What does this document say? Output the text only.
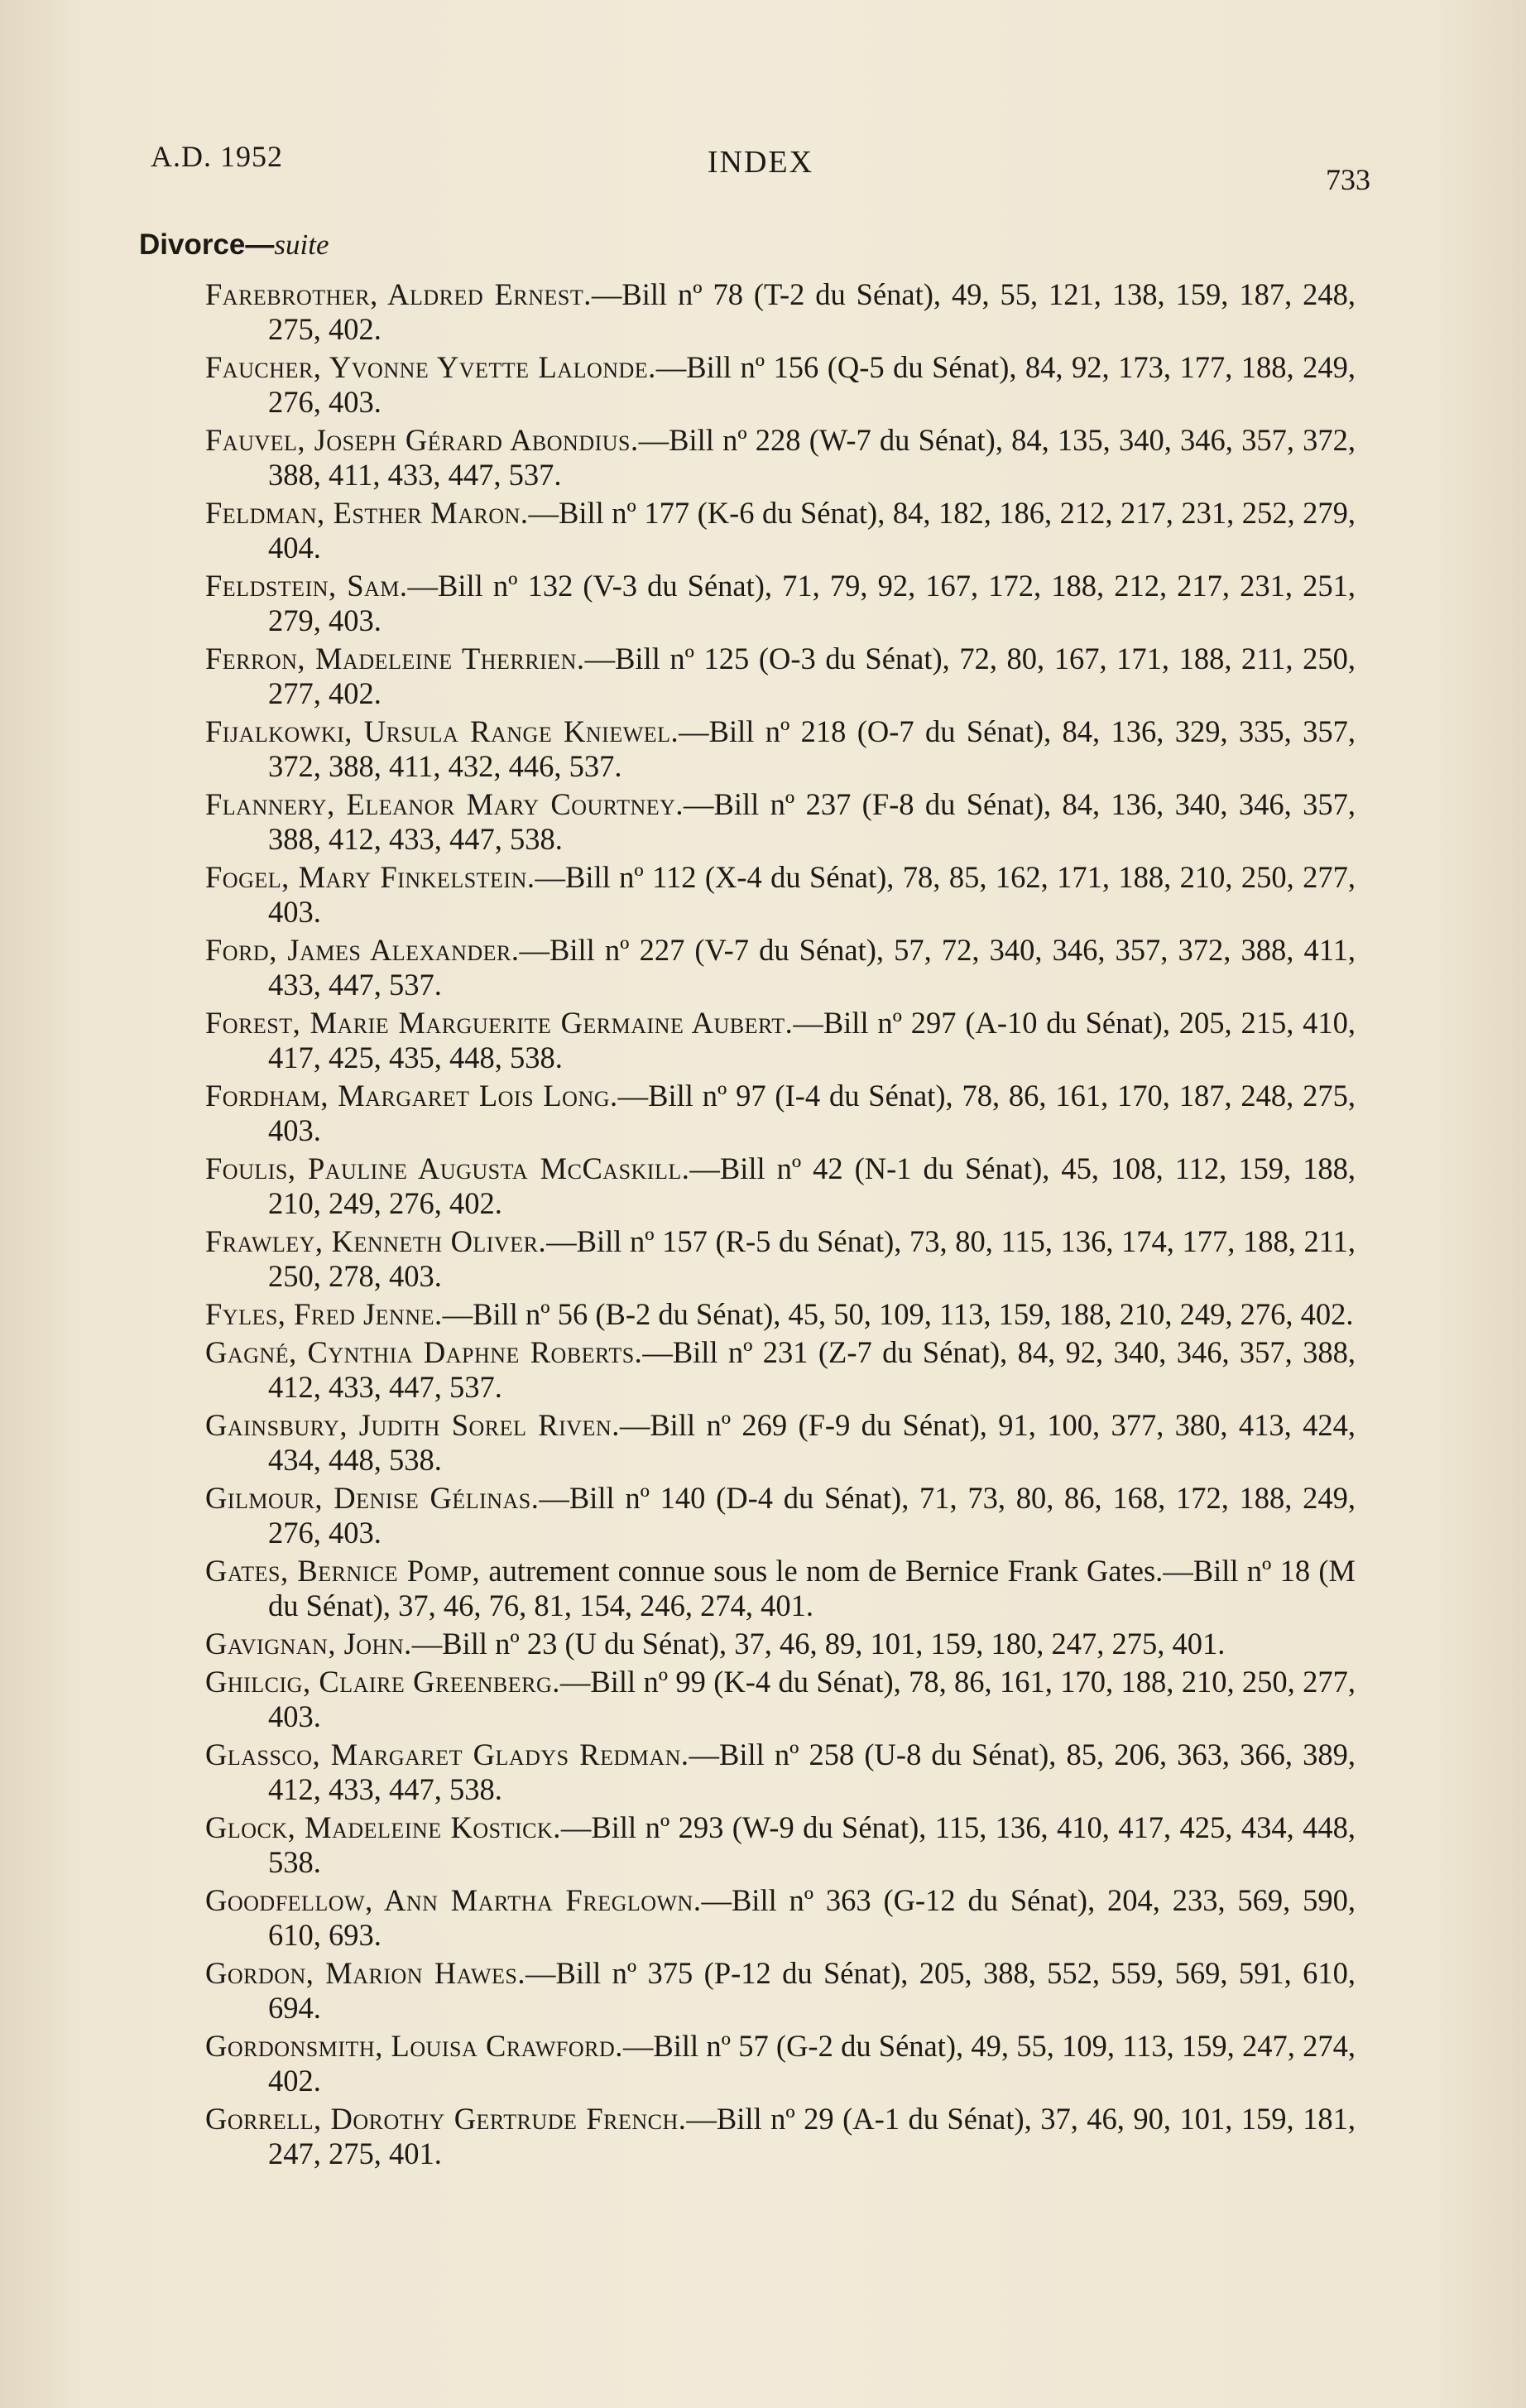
A.D. 1952	INDEX	733
Divorce—suite
Farebrother, Aldred Ernest.—Bill nº 78 (T-2 du Sénat), 49, 55, 121, 138, 159, 187, 248, 275, 402.
Faucher, Yvonne Yvette Lalonde.—Bill nº 156 (Q-5 du Sénat), 84, 92, 173, 177, 188, 249, 276, 403.
Fauvel, Joseph Gérard Abondius.—Bill nº 228 (W-7 du Sénat), 84, 135, 340, 346, 357, 372, 388, 411, 433, 447, 537.
Feldman, Esther Maron.—Bill nº 177 (K-6 du Sénat), 84, 182, 186, 212, 217, 231, 252, 279, 404.
Feldstein, Sam.—Bill nº 132 (V-3 du Sénat), 71, 79, 92, 167, 172, 188, 212, 217, 231, 251, 279, 403.
Ferron, Madeleine Therrien.—Bill nº 125 (O-3 du Sénat), 72, 80, 167, 171, 188, 211, 250, 277, 402.
Fijalkowki, Ursula Range Kniewel.—Bill nº 218 (O-7 du Sénat), 84, 136, 329, 335, 357, 372, 388, 411, 432, 446, 537.
Flannery, Eleanor Mary Courtney.—Bill nº 237 (F-8 du Sénat), 84, 136, 340, 346, 357, 388, 412, 433, 447, 538.
Fogel, Mary Finkelstein.—Bill nº 112 (X-4 du Sénat), 78, 85, 162, 171, 188, 210, 250, 277, 403.
Ford, James Alexander.—Bill nº 227 (V-7 du Sénat), 57, 72, 340, 346, 357, 372, 388, 411, 433, 447, 537.
Forest, Marie Marguerite Germaine Aubert.—Bill nº 297 (A-10 du Sénat), 205, 215, 410, 417, 425, 435, 448, 538.
Fordham, Margaret Lois Long.—Bill nº 97 (I-4 du Sénat), 78, 86, 161, 170, 187, 248, 275, 403.
Foulis, Pauline Augusta McCaskill.—Bill nº 42 (N-1 du Sénat), 45, 108, 112, 159, 188, 210, 249, 276, 402.
Frawley, Kenneth Oliver.—Bill nº 157 (R-5 du Sénat), 73, 80, 115, 136, 174, 177, 188, 211, 250, 278, 403.
Fyles, Fred Jenne.—Bill nº 56 (B-2 du Sénat), 45, 50, 109, 113, 159, 188, 210, 249, 276, 402.
Gagné, Cynthia Daphne Roberts.—Bill nº 231 (Z-7 du Sénat), 84, 92, 340, 346, 357, 388, 412, 433, 447, 537.
Gainsbury, Judith Sorel Riven.—Bill nº 269 (F-9 du Sénat), 91, 100, 377, 380, 413, 424, 434, 448, 538.
Gilmour, Denise Gélinas.—Bill nº 140 (D-4 du Sénat), 71, 73, 80, 86, 168, 172, 188, 249, 276, 403.
Gates, Bernice Pomp, autrement connue sous le nom de Bernice Frank Gates.—Bill nº 18 (M du Sénat), 37, 46, 76, 81, 154, 246, 274, 401.
Gavignan, John.—Bill nº 23 (U du Sénat), 37, 46, 89, 101, 159, 180, 247, 275, 401.
Ghilcig, Claire Greenberg.—Bill nº 99 (K-4 du Sénat), 78, 86, 161, 170, 188, 210, 250, 277, 403.
Glassco, Margaret Gladys Redman.—Bill nº 258 (U-8 du Sénat), 85, 206, 363, 366, 389, 412, 433, 447, 538.
Glock, Madeleine Kostick.—Bill nº 293 (W-9 du Sénat), 115, 136, 410, 417, 425, 434, 448, 538.
Goodfellow, Ann Martha Freglown.—Bill nº 363 (G-12 du Sénat), 204, 233, 569, 590, 610, 693.
Gordon, Marion Hawes.—Bill nº 375 (P-12 du Sénat), 205, 388, 552, 559, 569, 591, 610, 694.
Gordonsmith, Louisa Crawford.—Bill nº 57 (G-2 du Sénat), 49, 55, 109, 113, 159, 247, 274, 402.
Gorrell, Dorothy Gertrude French.—Bill nº 29 (A-1 du Sénat), 37, 46, 90, 101, 159, 181, 247, 275, 401.
